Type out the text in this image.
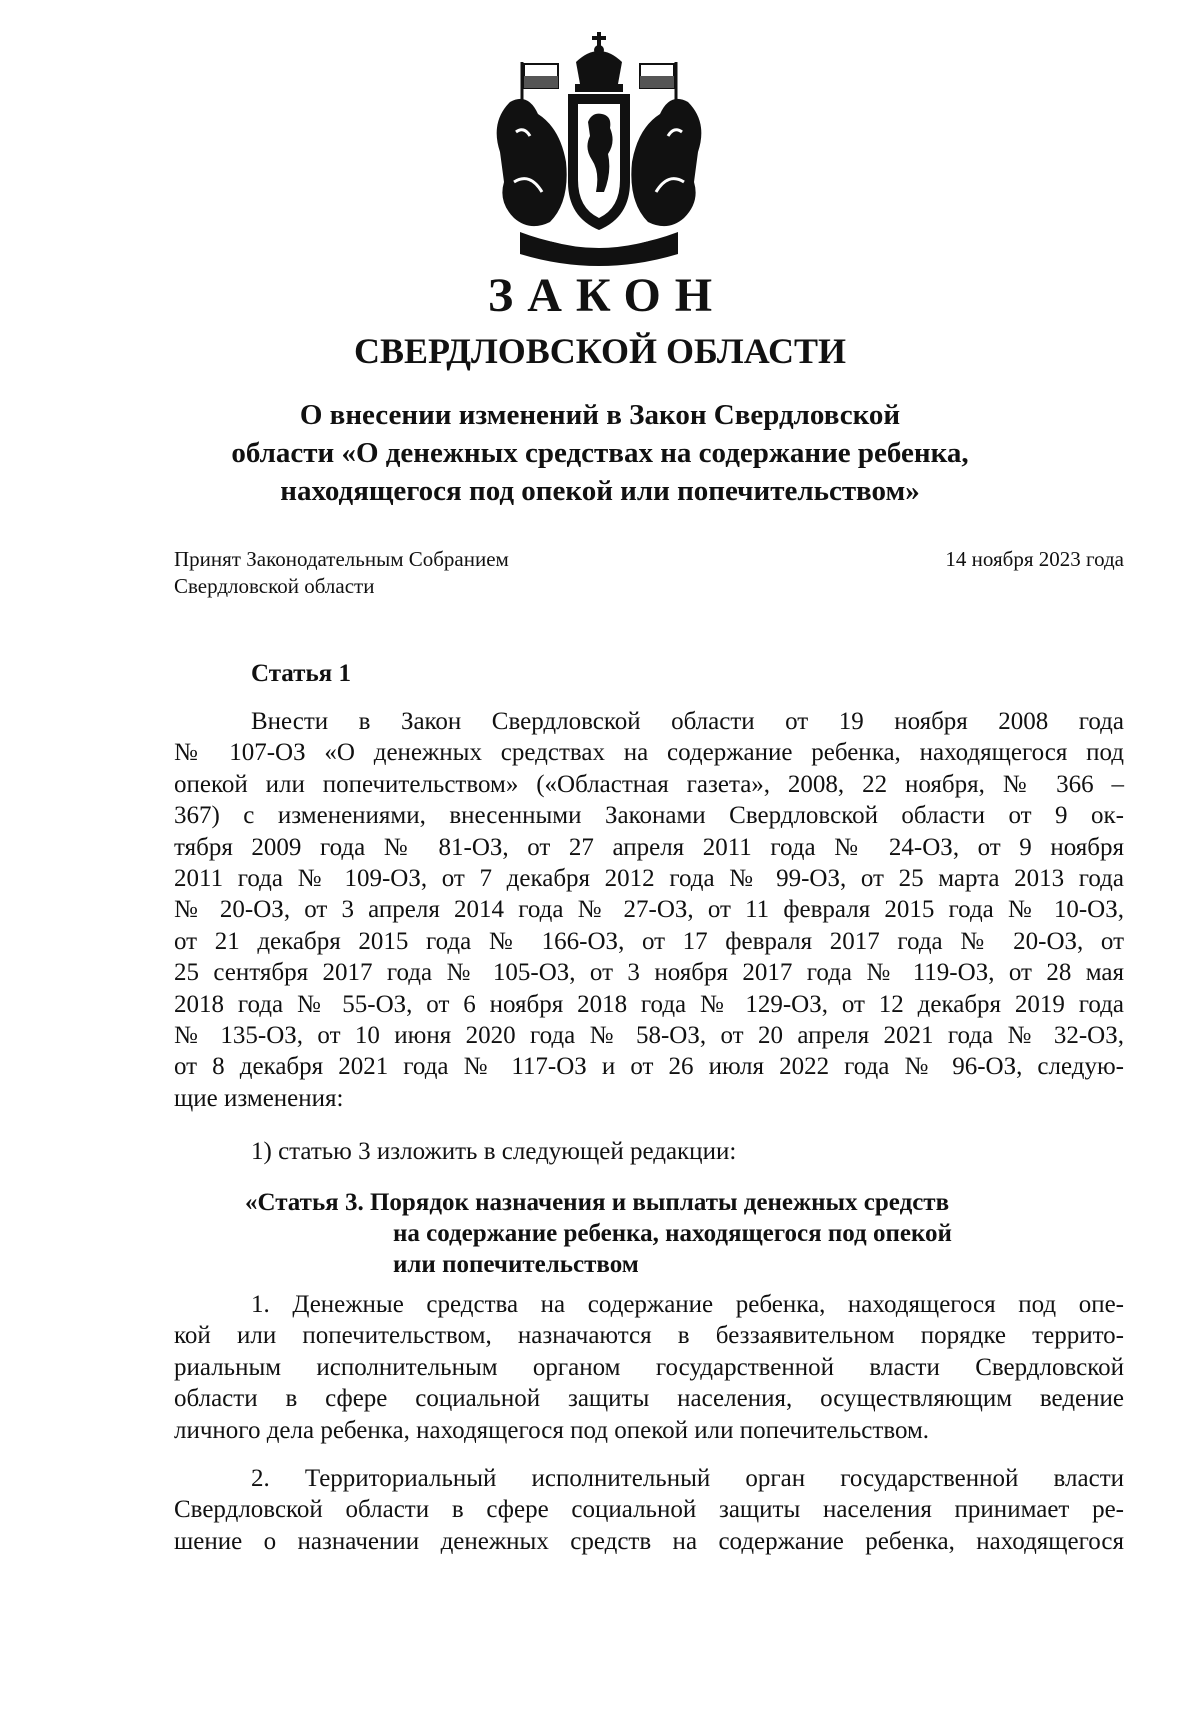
ЗАКОН
СВЕРДЛОВСКОЙ ОБЛАСТИ
О внесении изменений в Закон Свердловской
области «О денежных средствах на содержание ребенка,
находящегося под опекой или попечительством»
Принят Законодательным Собранием
Свердловской области
14 ноября 2023 года
Статья 1
Внести в Закон Свердловской области от 19 ноября 2008 года
№ 107-ОЗ «О денежных средствах на содержание ребенка, находящегося под
опекой или попечительством» («Областная газета», 2008, 22 ноября, № 366 –
367) с изменениями, внесенными Законами Свердловской области от 9 ок-
тября 2009 года № 81-ОЗ, от 27 апреля 2011 года № 24-ОЗ, от 9 ноября
2011 года № 109-ОЗ, от 7 декабря 2012 года № 99-ОЗ, от 25 марта 2013 года
№ 20-ОЗ, от 3 апреля 2014 года № 27-ОЗ, от 11 февраля 2015 года № 10-ОЗ,
от 21 декабря 2015 года № 166-ОЗ, от 17 февраля 2017 года № 20-ОЗ, от
25 сентября 2017 года № 105-ОЗ, от 3 ноября 2017 года № 119-ОЗ, от 28 мая
2018 года № 55-ОЗ, от 6 ноября 2018 года № 129-ОЗ, от 12 декабря 2019 года
№ 135-ОЗ, от 10 июня 2020 года № 58-ОЗ, от 20 апреля 2021 года № 32-ОЗ,
от 8 декабря 2021 года № 117-ОЗ и от 26 июля 2022 года № 96-ОЗ, следую-
щие изменения:
1) статью 3 изложить в следующей редакции:
«Статья 3. Порядок назначения и выплаты денежных средств
на содержание ребенка, находящегося под опекой
или попечительством
1. Денежные средства на содержание ребенка, находящегося под опе-
кой или попечительством, назначаются в беззаявительном порядке террито-
риальным исполнительным органом государственной власти Свердловской
области в сфере социальной защиты населения, осуществляющим ведение
личного дела ребенка, находящегося под опекой или попечительством.
2. Территориальный исполнительный орган государственной власти
Свердловской области в сфере социальной защиты населения принимает ре-
шение о назначении денежных средств на содержание ребенка, находящегося
